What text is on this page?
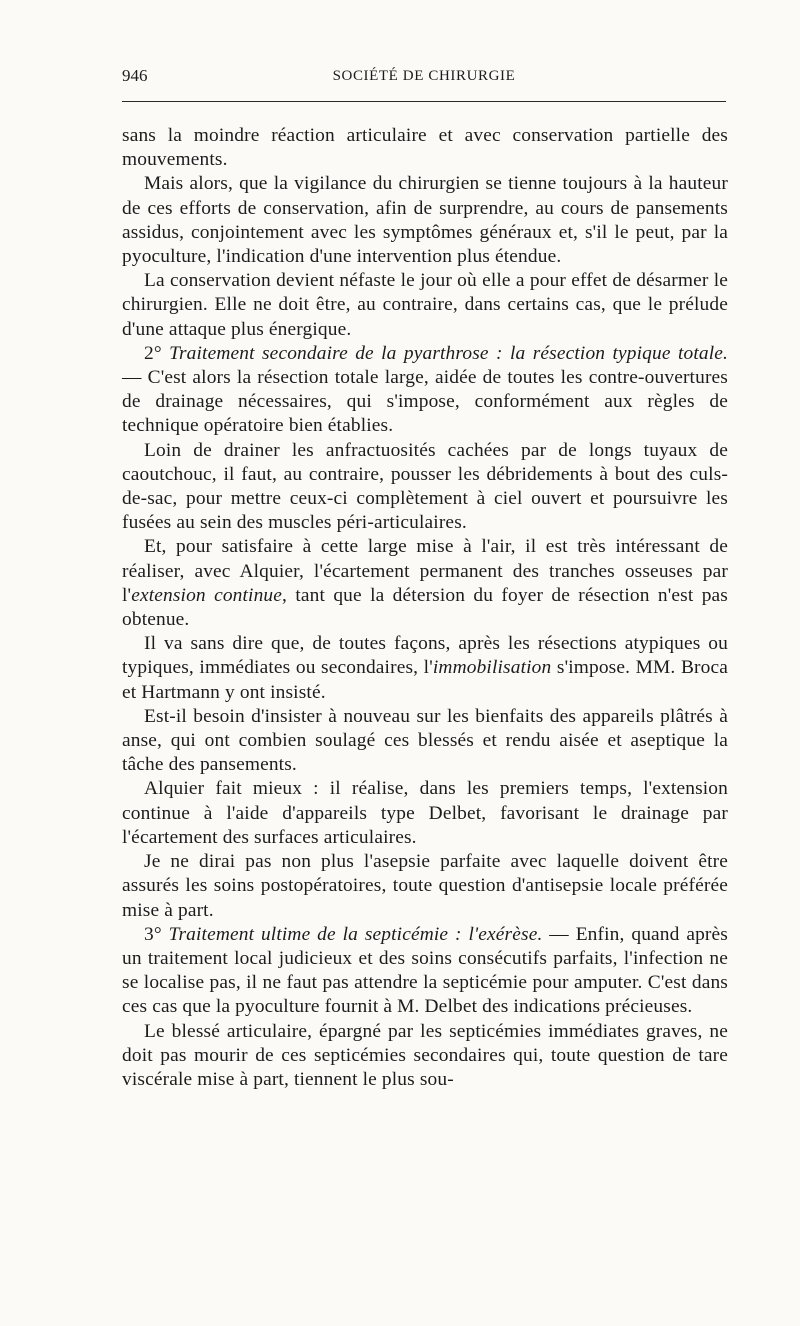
946	SOCIÉTÉ DE CHIRURGIE

sans la moindre réaction articulaire et avec conservation partielle des mouvements.

Mais alors, que la vigilance du chirurgien se tienne toujours à la hauteur de ces efforts de conservation, afin de surprendre, au cours de pansements assidus, conjointement avec les symptômes généraux et, s'il le peut, par la pyoculture, l'indication d'une intervention plus étendue.

La conservation devient néfaste le jour où elle a pour effet de désarmer le chirurgien. Elle ne doit être, au contraire, dans certains cas, que le prélude d'une attaque plus énergique.

2° Traitement secondaire de la pyarthrose : la résection typique totale. — C'est alors la résection totale large, aidée de toutes les contre-ouvertures de drainage nécessaires, qui s'impose, conformément aux règles de technique opératoire bien établies.

Loin de drainer les anfractuosités cachées par de longs tuyaux de caoutchouc, il faut, au contraire, pousser les débridements à bout des culs-de-sac, pour mettre ceux-ci complètement à ciel ouvert et poursuivre les fusées au sein des muscles péri-articulaires.

Et, pour satisfaire à cette large mise à l'air, il est très intéressant de réaliser, avec Alquier, l'écartement permanent des tranches osseuses par l'extension continue, tant que la détersion du foyer de résection n'est pas obtenue.

Il va sans dire que, de toutes façons, après les résections atypiques ou typiques, immédiates ou secondaires, l'immobilisation s'impose. MM. Broca et Hartmann y ont insisté.

Est-il besoin d'insister à nouveau sur les bienfaits des appareils plâtrés à anse, qui ont combien soulagé ces blessés et rendu aisée et aseptique la tâche des pansements.

Alquier fait mieux : il réalise, dans les premiers temps, l'extension continue à l'aide d'appareils type Delbet, favorisant le drainage par l'écartement des surfaces articulaires.

Je ne dirai pas non plus l'asepsie parfaite avec laquelle doivent être assurés les soins postopératoires, toute question d'antisepsie locale préférée mise à part.

3° Traitement ultime de la septicémie : l'exérèse. — Enfin, quand après un traitement local judicieux et des soins consécutifs parfaits, l'infection ne se localise pas, il ne faut pas attendre la septicémie pour amputer. C'est dans ces cas que la pyoculture fournit à M. Delbet des indications précieuses.

Le blessé articulaire, épargné par les septicémies immédiates graves, ne doit pas mourir de ces septicémies secondaires qui, toute question de tare viscérale mise à part, tiennent le plus sou-
